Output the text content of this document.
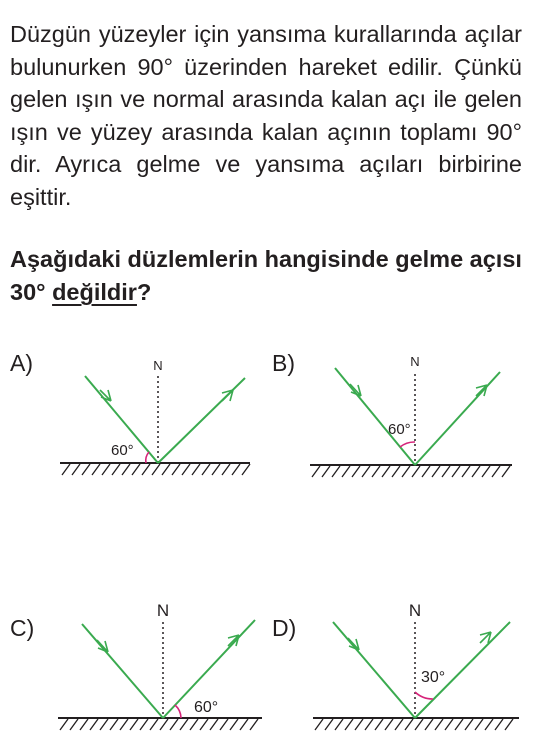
Düzgün yüzeyler için yansıma kurallarında açılar bulunurken 90° üzerinden hareket edilir. Çünkü gelen ışın ve normal arasında kalan açı ile gelen ışın ve yüzey arasında kalan açının toplamı 90° dir. Ayrıca gelme ve yansıma açıları birbirine eşittir.

Aşağıdaki düzlemlerin hangisinde gelme açısı 30° değildir?

A)	N
60°
B)	N
60°
C)
N
60°
D)
N
30°
